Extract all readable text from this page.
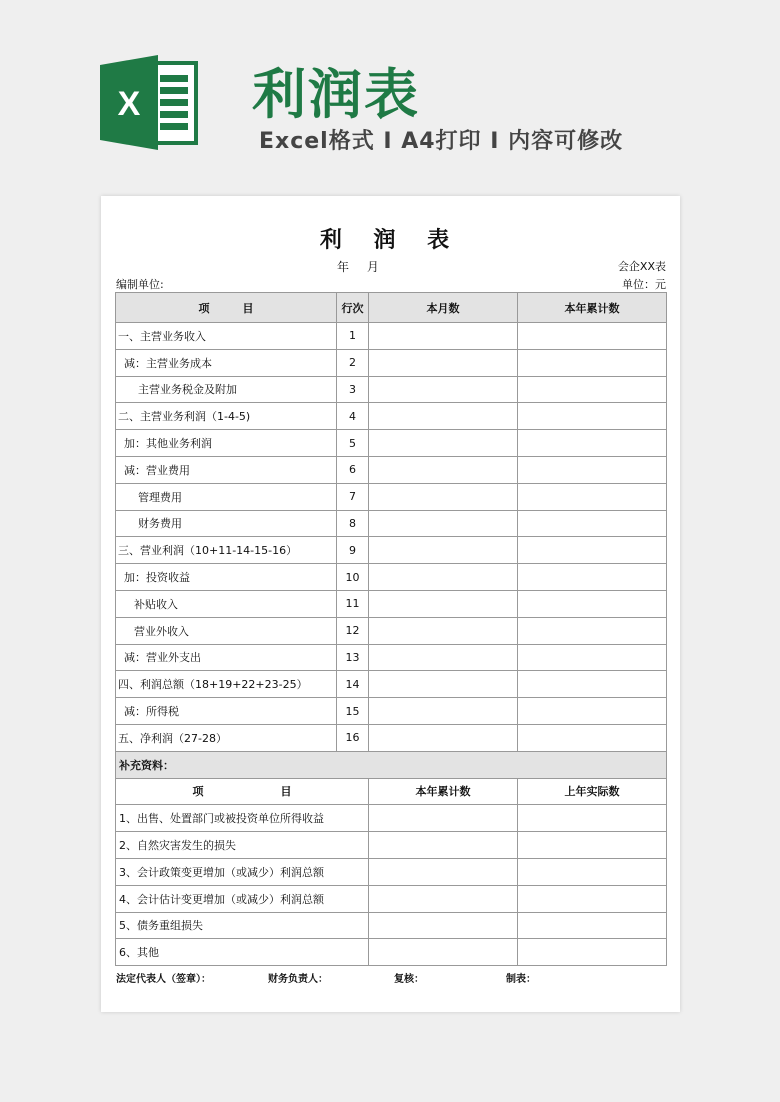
X 利润表
Excel格式 I A4打印 I 内容可修改
利 润 表
年 月	会企XX表
单位：元
编制单位:
项　　　目	行次	本月数	本年累计数
一、主营业务收入	1		
减：主营业务成本	2		
主营业务税金及附加	3		
二、主营业务利润（1-4-5)	4		
加：其他业务利润	5		
减：营业费用	6		
管理费用	7		
财务费用	8		
三、营业利润（10+11-14-15-16）	9		
加：投资收益	10		
补贴收入	11		
营业外收入	12		
减：营业外支出	13		
四、利润总额（18+19+22+23-25）	14		
减：所得税	15		
五、净利润（27-28）	16		
补充资料：			
项　　　　　　　目		本年累计数	上年实际数
1、出售、处置部门或被投资单位所得收益			
2、自然灾害发生的损失			
3、会计政策变更增加（或减少）利润总额			
4、会计估计变更增加（或减少）利润总额			
5、债务重组损失			
6、其他			
法定代表人（签章）：	财务负责人：	复核：	制表：
